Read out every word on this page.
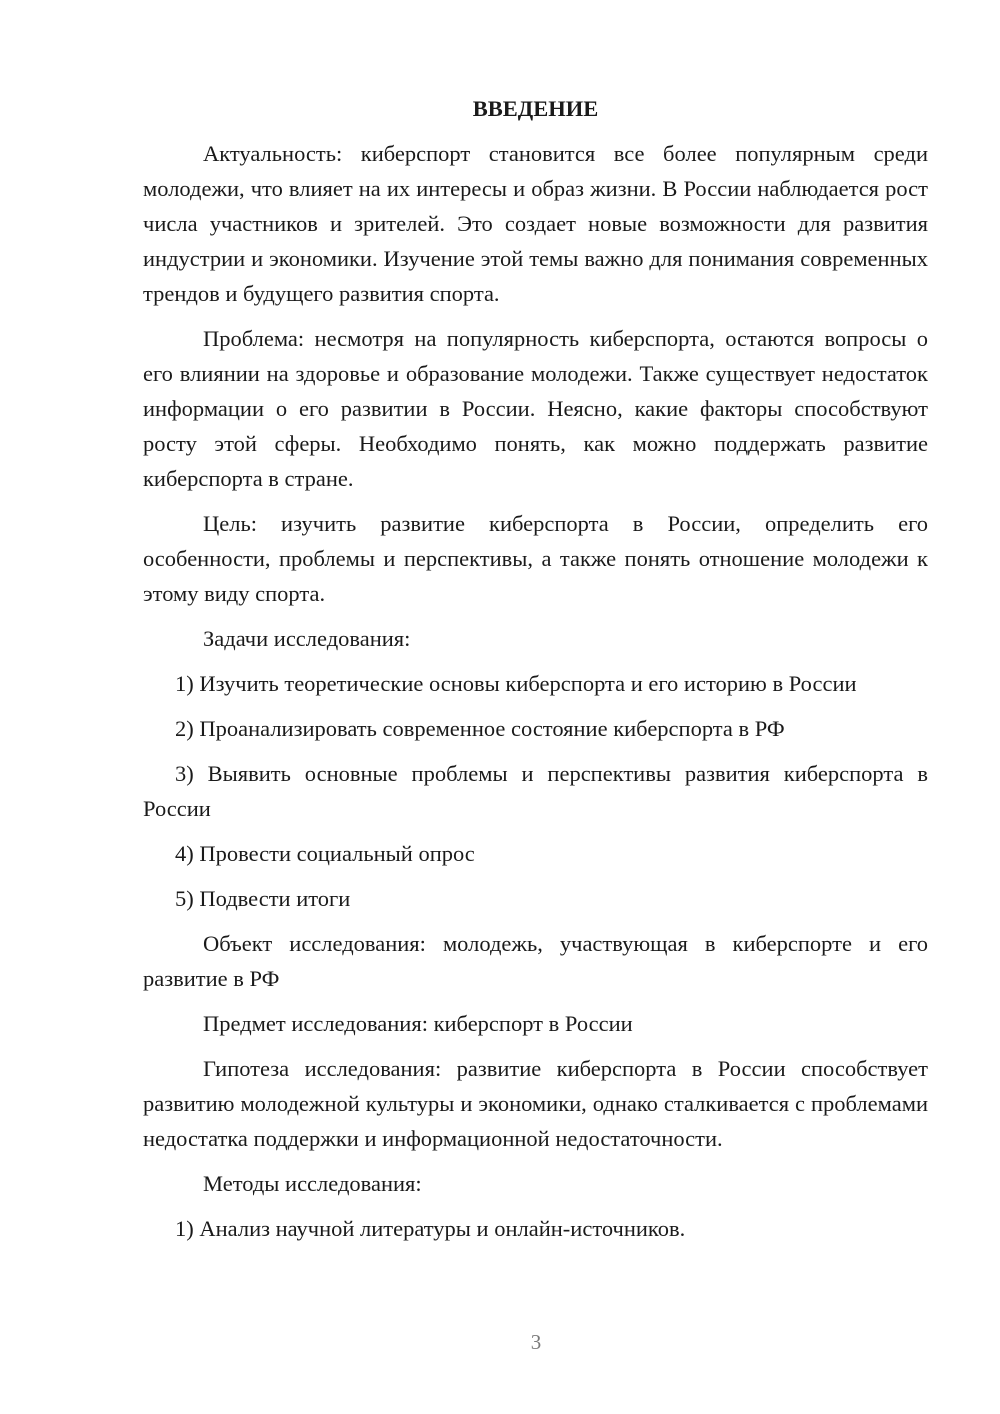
ВВЕДЕНИЕ

Актуальность: киберспорт становится все более популярным среди молодежи, что влияет на их интересы и образ жизни. В России наблюдается рост числа участников и зрителей. Это создает новые возможности для развития индустрии и экономики. Изучение этой темы важно для понимания современных трендов и будущего развития спорта.

Проблема: несмотря на популярность киберспорта, остаются вопросы о его влиянии на здоровье и образование молодежи. Также существует недостаток информации о его развитии в России. Неясно, какие факторы способствуют росту этой сферы. Необходимо понять, как можно поддержать развитие киберспорта в стране.

Цель: изучить развитие киберспорта в России, определить его особенности, проблемы и перспективы, а также понять отношение молодежи к этому виду спорта.

Задачи исследования:

1) Изучить теоретические основы киберспорта и его историю в России

2) Проанализировать современное состояние киберспорта в РФ

3) Выявить основные проблемы и перспективы развития киберспорта в России

4) Провести социальный опрос

5) Подвести итоги

Объект исследования: молодежь, участвующая в киберспорте и его развитие в РФ

Предмет исследования: киберспорт в России

Гипотеза исследования: развитие киберспорта в России способствует развитию молодежной культуры и экономики, однако сталкивается с проблемами недостатка поддержки и информационной недостаточности.

Методы исследования:

1) Анализ научной литературы и онлайн-источников.

3
